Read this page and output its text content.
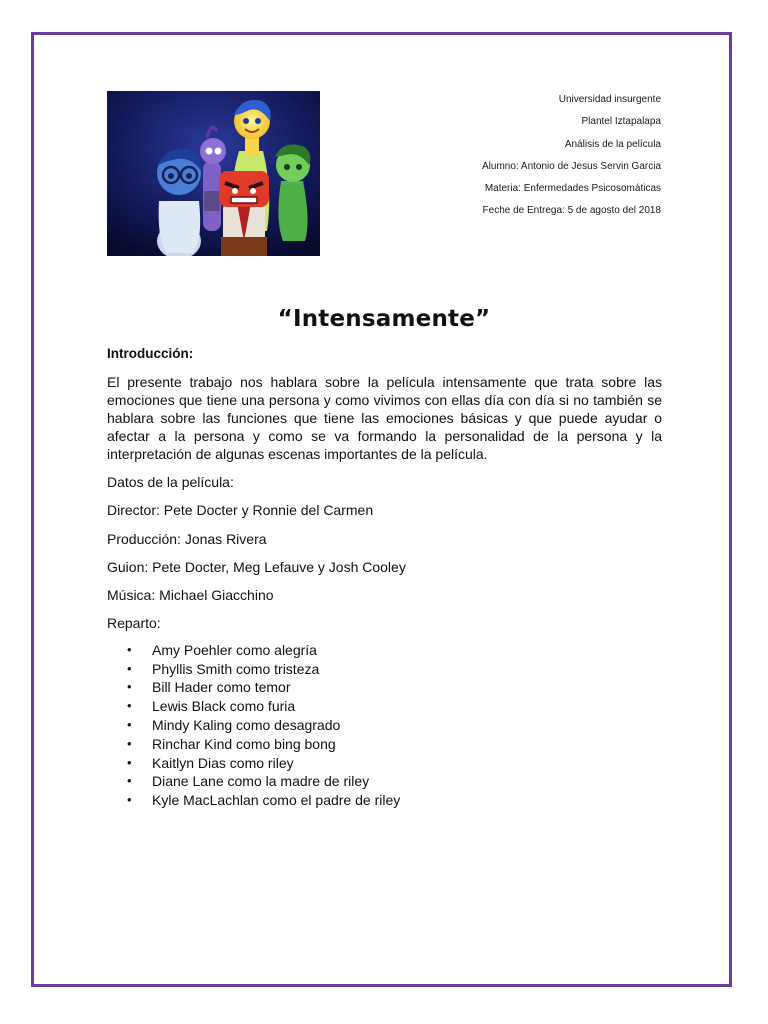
Universidad insurgente
Plantel Iztapalapa
Análisis de la película
Alumno: Antonio de Jesus Servin Garcia
Materia: Enfermedades Psicosomáticas
Feche de Entrega: 5 de agosto del 2018
“Intensamente”

Introducción:

El presente trabajo nos hablara sobre la película intensamente que trata sobre las emociones que tiene una persona y como vivimos con ellas día con día si no también se hablara sobre las funciones que tiene las emociones básicas y que puede ayudar o afectar a la persona y como se va formando la personalidad de la persona y la interpretación de algunas escenas importantes de la película.

Datos de la película:

Director: Pete Docter y Ronnie del Carmen

Producción: Jonas Rivera

Guion: Pete Docter, Meg Lefauve y Josh Cooley

Música: Michael Giacchino

Reparto:

• Amy Poehler como alegría
• Phyllis Smith como tristeza
• Bill Hader como temor
• Lewis Black como furia
• Mindy Kaling como desagrado
• Rinchar Kind como bing bong
• Kaitlyn Dias como riley
• Diane Lane como la madre de riley
• Kyle MacLachlan como el padre de riley
